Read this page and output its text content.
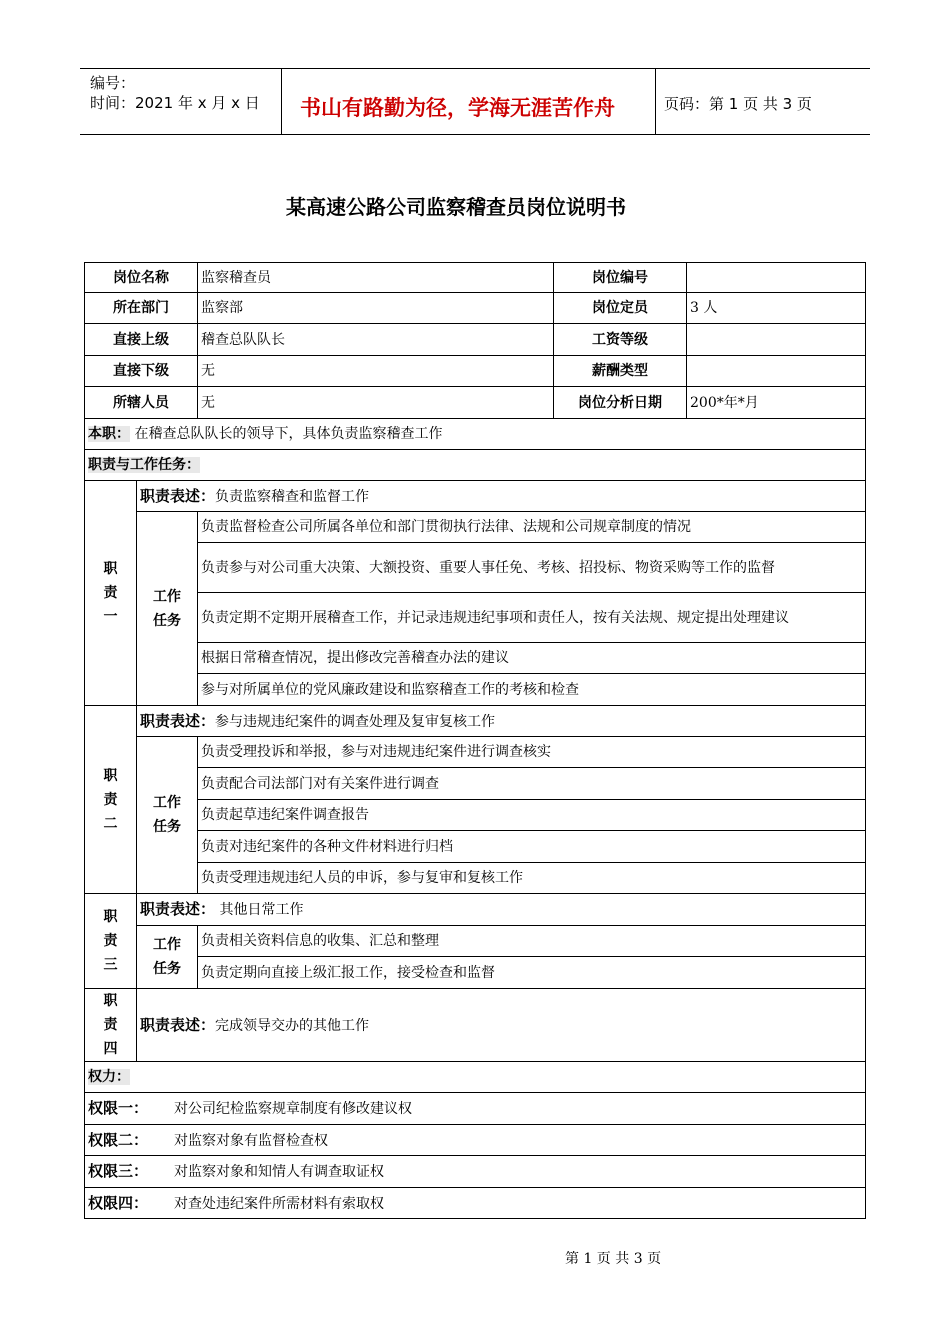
编号：
时间：2021 年 x 月 x 日 书山有路勤为径，学海无涯苦作舟	页码：第 1 页 共 3 页
某高速公路公司监察稽查员岗位说明书
岗位名称		监察稽查员	岗位编号	
所在部门		监察部	岗位定员	3 人
直接上级		稽查总队队长	工资等级	
直接下级		无	薪酬类型	
所辖人员		无	岗位分析日期	200*年*月
本职： 在稽查总队队长的领导下，具体负责监察稽查工作				
职责与工作任务：				
职
责
一	职责表述：负责监察稽查和监督工作			
	工作
任务	负责监督检查公司所属各单位和部门贯彻执行法律、法规和公司规章制度的情况		
		负责参与对公司重大决策、大额投资、重要人事任免、考核、招投标、物资采购等工作的监督		
		负责定期不定期开展稽查工作，并记录违规违纪事项和责任人，按有关法规、规定提出处理建议		
		根据日常稽查情况，提出修改完善稽查办法的建议		
		参与对所属单位的党风廉政建设和监察稽查工作的考核和检查		
职
责
二	职责表述：参与违规违纪案件的调查处理及复审复核工作			
	工作
任务	负责受理投诉和举报，参与对违规违纪案件进行调查核实		
		负责配合司法部门对有关案件进行调查		
		负责起草违纪案件调查报告		
		负责对违纪案件的各种文件材料进行归档		
		负责受理违规违纪人员的申诉，参与复审和复核工作		
职
责
三	职责表述： 其他日常工作			
	工作
任务	负责相关资料信息的收集、汇总和整理		
		负责定期向直接上级汇报工作，接受检查和监督		
职
责
四	职责表述：完成领导交办的其他工作			
权力：				
权限一： 对公司纪检监察规章制度有修改建议权				
权限二： 对监察对象有监督检查权				
权限三： 对监察对象和知情人有调查取证权				
权限四： 对查处违纪案件所需材料有索取权				
第 1 页 共 3 页
